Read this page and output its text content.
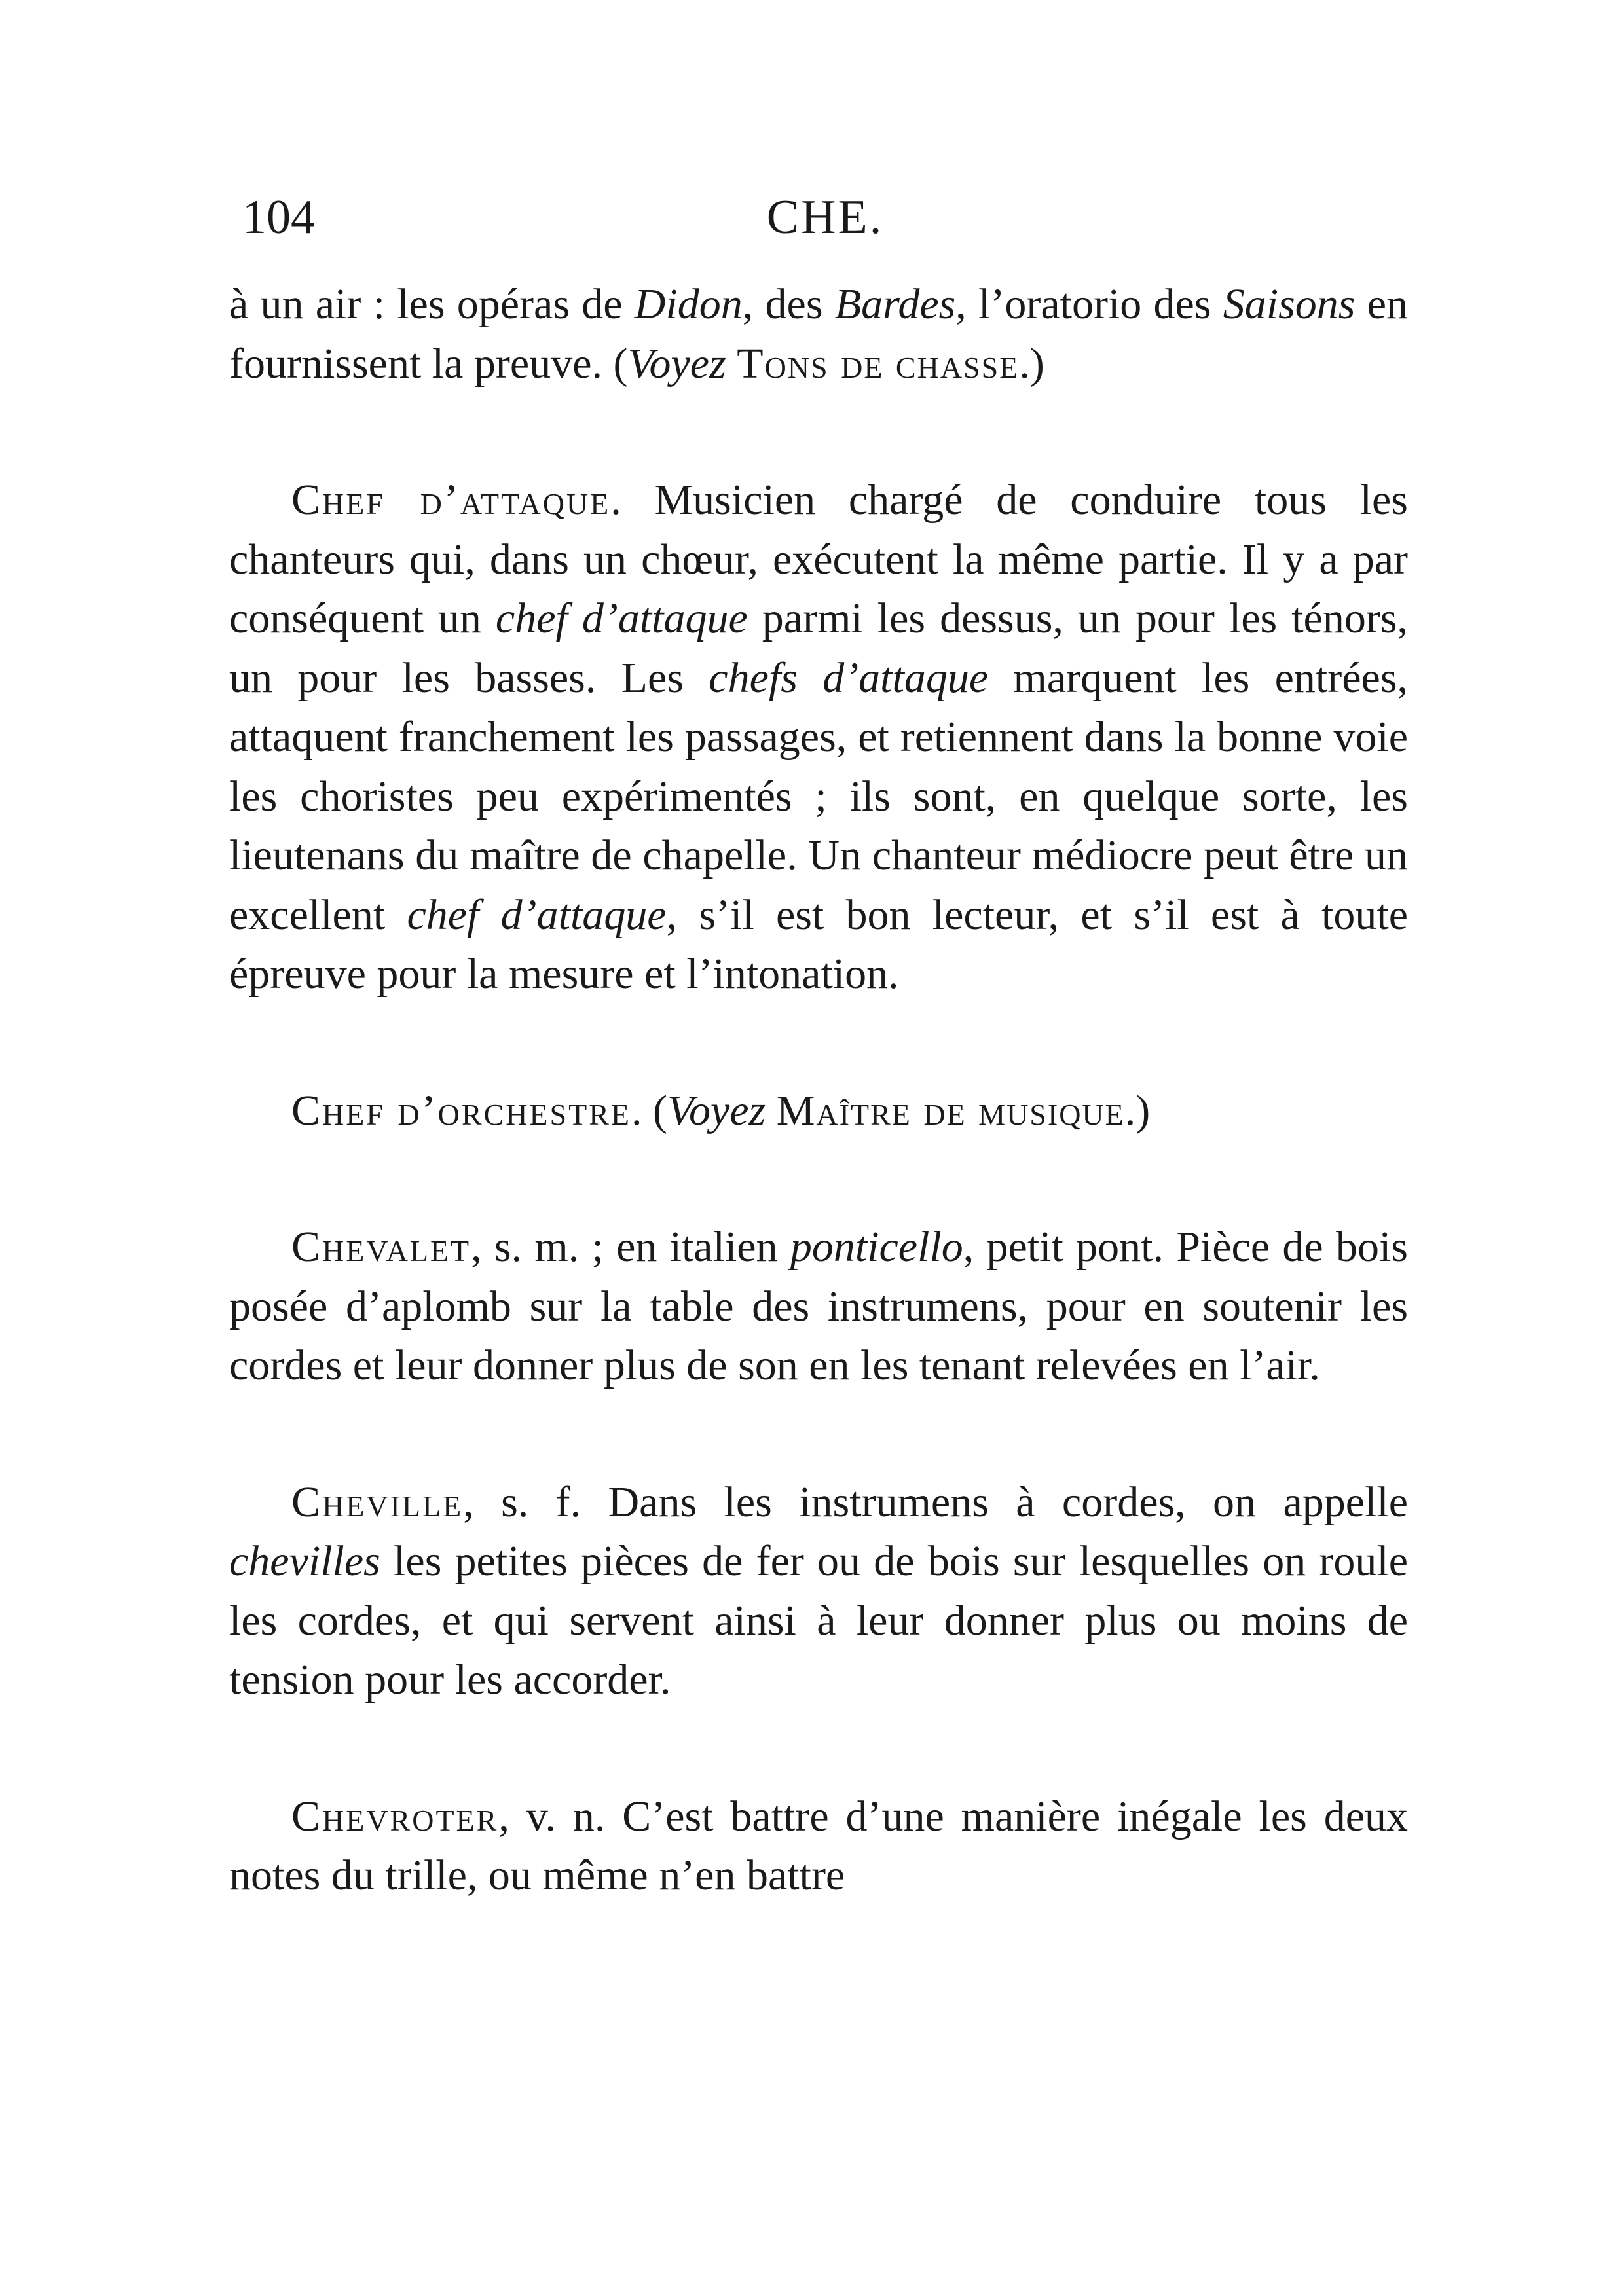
104	CHE.

à un air : les opéras de Didon, des Bardes, l’oratorio des Saisons en fournissent la preuve. (Voyez Tons de chasse.)

Chef d’attaque. Musicien chargé de conduire tous les chanteurs qui, dans un chœur, exécutent la même partie. Il y a par conséquent un chef d’attaque parmi les dessus, un pour les ténors, un pour les basses. Les chefs d’attaque marquent les entrées, attaquent franchement les passages, et retiennent dans la bonne voie les choristes peu expérimentés ; ils sont, en quelque sorte, les lieutenans du maître de chapelle. Un chanteur médiocre peut être un excellent chef d’attaque, s’il est bon lecteur, et s’il est à toute épreuve pour la mesure et l’intonation.

Chef d’orchestre. (Voyez Maître de musique.)

Chevalet, s. m. ; en italien ponticello, petit pont. Pièce de bois posée d’aplomb sur la table des instrumens, pour en soutenir les cordes et leur donner plus de son en les tenant relevées en l’air.

Cheville, s. f. Dans les instrumens à cordes, on appelle chevilles les petites pièces de fer ou de bois sur lesquelles on roule les cordes, et qui servent ainsi à leur donner plus ou moins de tension pour les accorder.

Chevroter, v. n. C’est battre d’une manière inégale les deux notes du trille, ou même n’en battre
